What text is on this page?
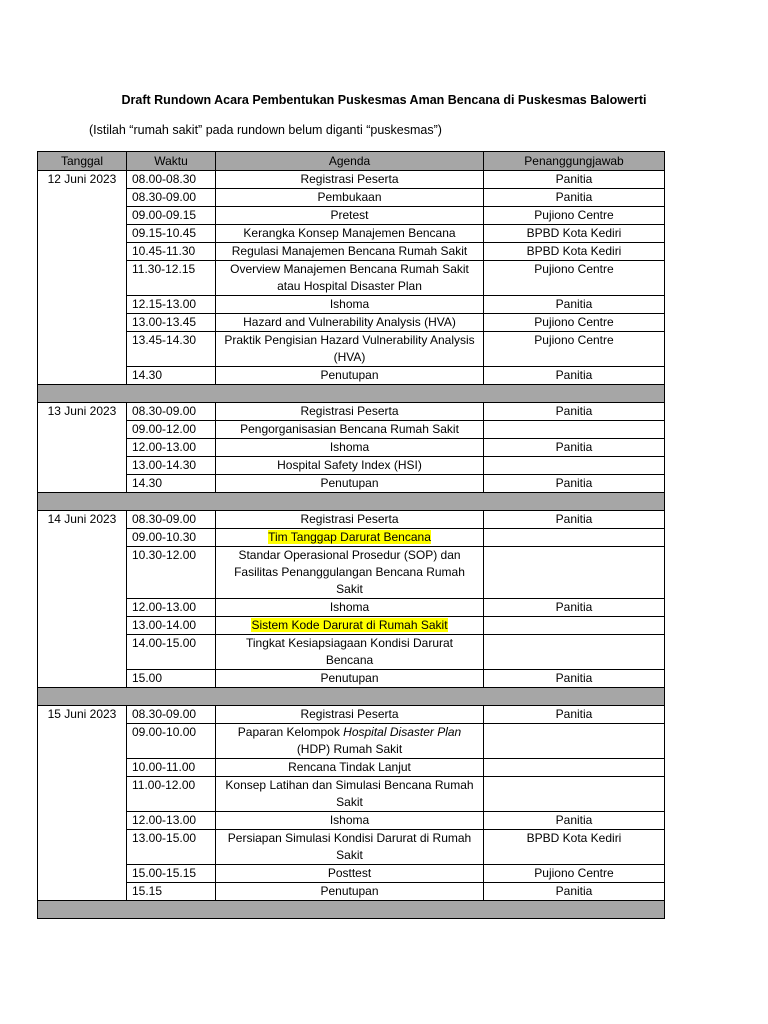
Draft Rundown Acara Pembentukan Puskesmas Aman Bencana di Puskesmas Balowerti
(Istilah “rumah sakit” pada rundown belum diganti “puskesmas”)
Tanggal	Waktu	Agenda	Penanggungjawab
12 Juni 2023	08.00-08.30	Registrasi Peserta	Panitia
	08.30-09.00	Pembukaan	Panitia
	09.00-09.15	Pretest	Pujiono Centre
	09.15-10.45	Kerangka Konsep Manajemen Bencana	BPBD Kota Kediri
	10.45-11.30	Regulasi Manajemen Bencana Rumah Sakit	BPBD Kota Kediri
	11.30-12.15	Overview Manajemen Bencana Rumah Sakit atau Hospital Disaster Plan	Pujiono Centre
	12.15-13.00	Ishoma	Panitia
	13.00-13.45	Hazard and Vulnerability Analysis (HVA)	Pujiono Centre
	13.45-14.30	Praktik Pengisian Hazard Vulnerability Analysis (HVA)	Pujiono Centre
	14.30	Penutupan	Panitia

13 Juni 2023	08.30-09.00	Registrasi Peserta	Panitia
	09.00-12.00	Pengorganisasian Bencana Rumah Sakit	
	12.00-13.00	Ishoma	Panitia
	13.00-14.30	Hospital Safety Index (HSI)	
	14.30	Penutupan	Panitia

14 Juni 2023	08.30-09.00	Registrasi Peserta	Panitia
	09.00-10.30	Tim Tanggap Darurat Bencana	
	10.30-12.00	Standar Operasional Prosedur (SOP) dan Fasilitas Penanggulangan Bencana Rumah Sakit	
	12.00-13.00	Ishoma	Panitia
	13.00-14.00	Sistem Kode Darurat di Rumah Sakit	
	14.00-15.00	Tingkat Kesiapsiagaan Kondisi Darurat Bencana	
	15.00	Penutupan	Panitia

15 Juni 2023	08.30-09.00	Registrasi Peserta	Panitia
	09.00-10.00	Paparan Kelompok Hospital Disaster Plan (HDP) Rumah Sakit	
	10.00-11.00	Rencana Tindak Lanjut	
	11.00-12.00	Konsep Latihan dan Simulasi Bencana Rumah Sakit	
	12.00-13.00	Ishoma	Panitia
	13.00-15.00	Persiapan Simulasi Kondisi Darurat di Rumah Sakit	BPBD Kota Kediri
	15.00-15.15	Posttest	Pujiono Centre
	15.15	Penutupan	Panitia
